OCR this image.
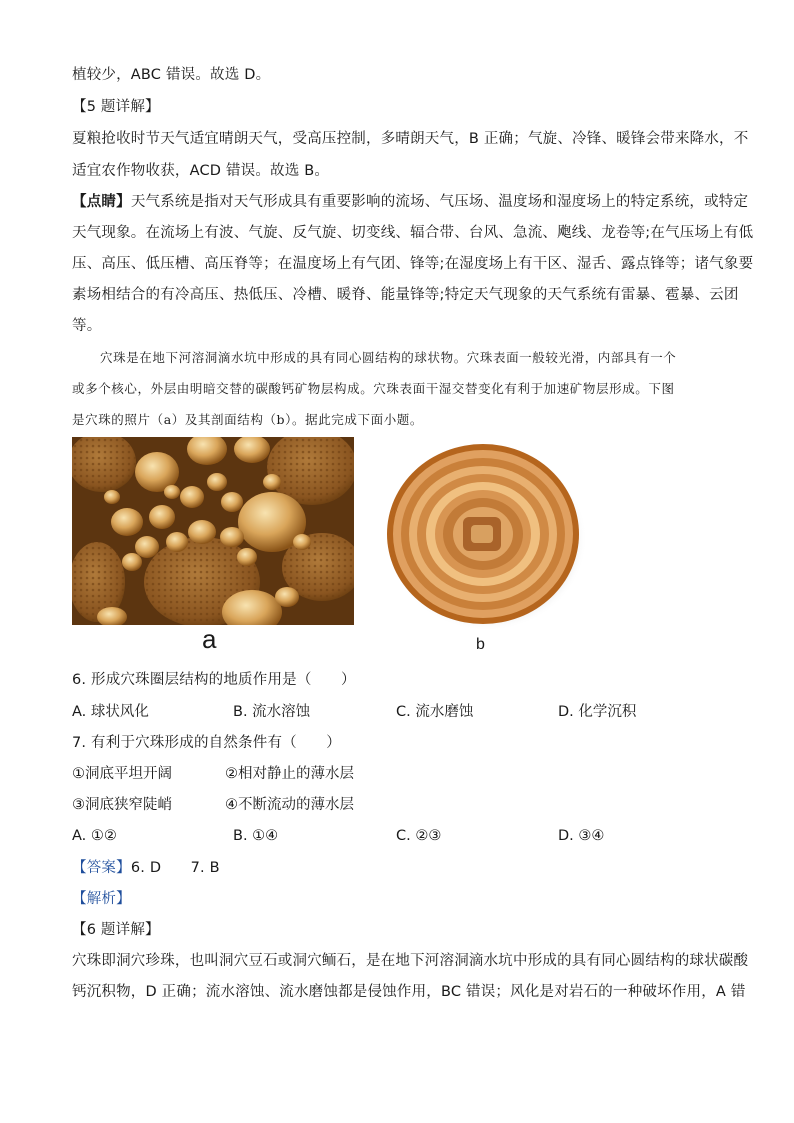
植较少，ABC 错误。故选 D。
【5 题详解】
夏粮抢收时节天气适宜晴朗天气，受高压控制，多晴朗天气，B 正确；气旋、冷锋、暖锋会带来降水，不
适宜农作物收获，ACD 错误。故选 B。
【点睛】天气系统是指对天气形成具有重要影响的流场、气压场、温度场和湿度场上的特定系统，或特定
天气现象。在流场上有波、气旋、反气旋、切变线、辐合带、台风、急流、飑线、龙卷等;在气压场上有低
压、高压、低压槽、高压脊等；在温度场上有气团、锋等;在湿度场上有干区、湿舌、露点锋等；诸气象要
素场相结合的有冷高压、热低压、冷槽、暖脊、能量锋等;特定天气现象的天气系统有雷暴、雹暴、云团
等。
穴珠是在地下河溶洞滴水坑中形成的具有同心圆结构的球状物。穴珠表面一般较光滑，内部具有一个
或多个核心，外层由明暗交替的碳酸钙矿物层构成。穴珠表面干湿交替变化有利于加速矿物层形成。下图
是穴珠的照片（a）及其剖面结构（b）。据此完成下面小题。
a	b
6. 形成穴珠圈层结构的地质作用是（　　）
A. 球状风化	B. 流水溶蚀	C. 流水磨蚀	D. 化学沉积
7. 有利于穴珠形成的自然条件有（　　）
①洞底平坦开阔	②相对静止的薄水层
③洞底狭窄陡峭	④不断流动的薄水层
A. ①②	B. ①④	C. ②③	D. ③④
【答案】6. D　　7. B
【解析】
【6 题详解】
穴珠即洞穴珍珠，也叫洞穴豆石或洞穴鲕石，是在地下河溶洞滴水坑中形成的具有同心圆结构的球状碳酸
钙沉积物，D 正确；流水溶蚀、流水磨蚀都是侵蚀作用，BC 错误；风化是对岩石的一种破坏作用，A 错
